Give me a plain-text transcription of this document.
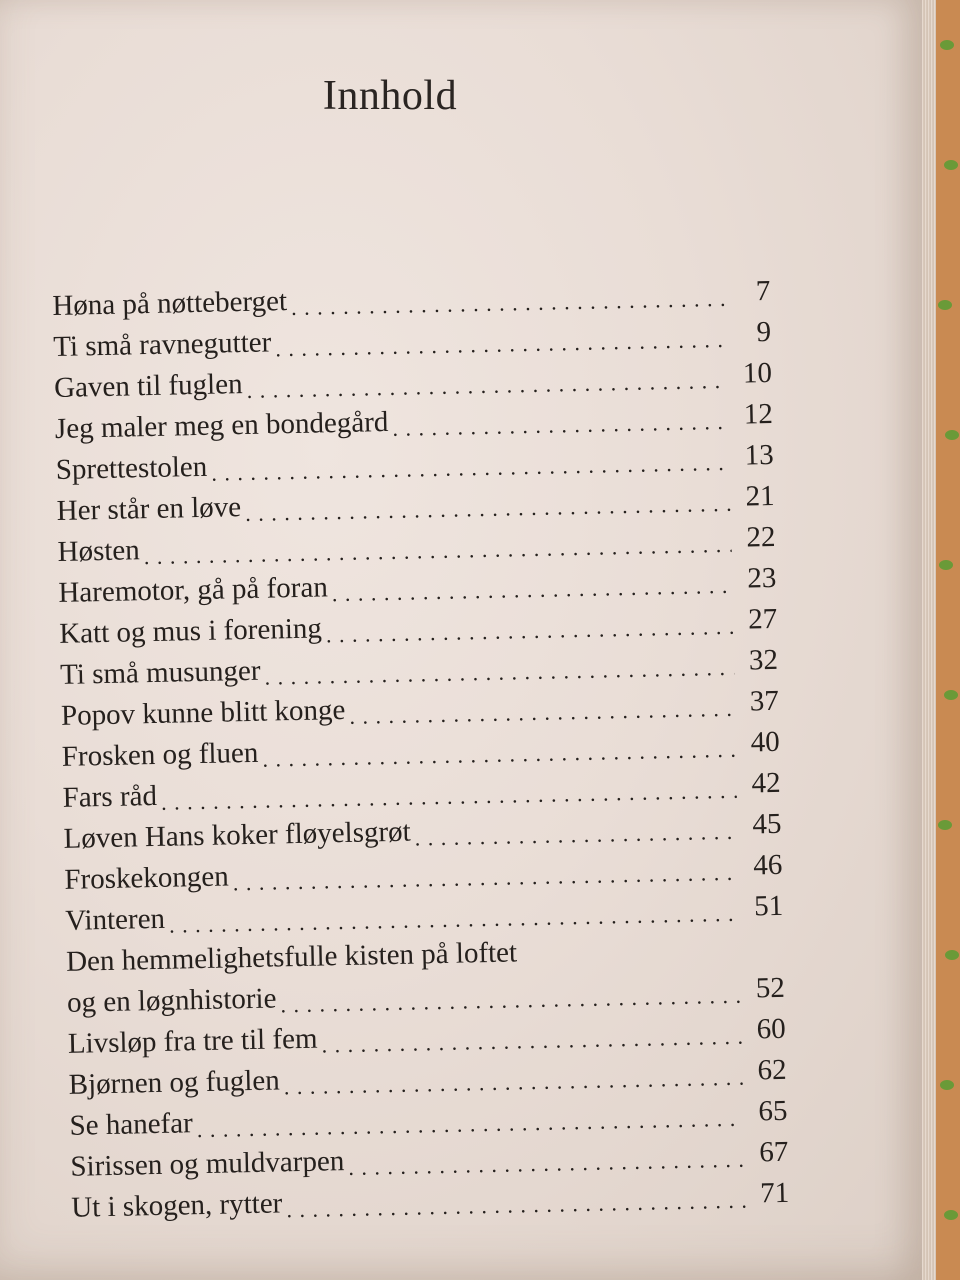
Innhold
Høna på nøtteberget . . .	7
Ti små ravnegutter . . .	9
Gaven til fuglen . . .	10
Jeg maler meg en bondegård . . .	12
Sprettestolen . . .	13
Her står en løve . . .	21
Høsten . . .	22
Haremotor, gå på foran . . .	23
Katt og mus i forening . . .	27
Ti små musunger . . .	32
Popov kunne blitt konge . . .	37
Frosken og fluen . . .	40
Fars råd . . .	42
Løven Hans koker fløyelsgrøt . . .	45
Froskekongen . . .	46
Vinteren . . .	51
Den hemmelighetsfulle kisten på loftet
og en løgnhistorie . . .	52
Livsløp fra tre til fem . . .	60
Bjørnen og fuglen . . .	62
Se hanefar . . .	65
Sirissen og muldvarpen . . .	67
Ut i skogen, rytter . . .	71
